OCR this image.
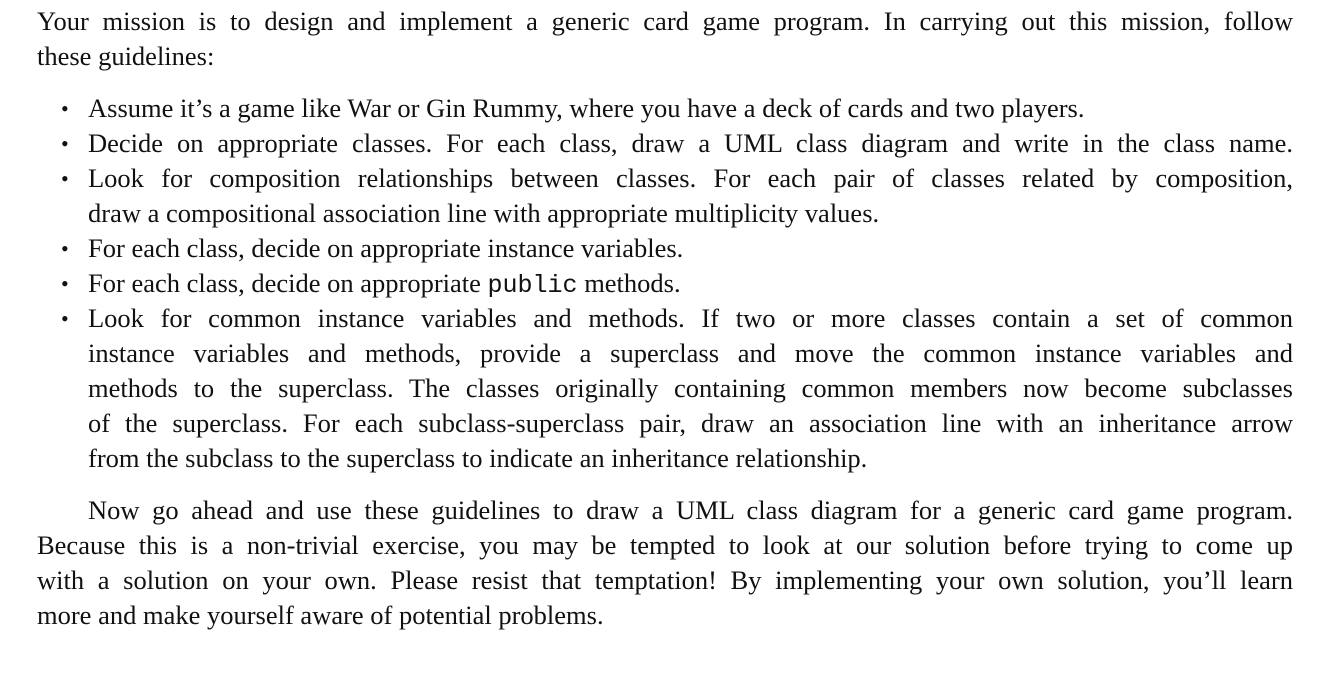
Your mission is to design and implement a generic card game program. In carrying out this mission, follow
these guidelines:
• Assume it’s a game like War or Gin Rummy, where you have a deck of cards and two players.
• Decide on appropriate classes. For each class, draw a UML class diagram and write in the class name.
• Look for composition relationships between classes. For each pair of classes related by composition,
draw a compositional association line with appropriate multiplicity values.
• For each class, decide on appropriate instance variables.
• For each class, decide on appropriate public methods.
• Look for common instance variables and methods. If two or more classes contain a set of common
instance variables and methods, provide a superclass and move the common instance variables and
methods to the superclass. The classes originally containing common members now become subclasses
of the superclass. For each subclass-superclass pair, draw an association line with an inheritance arrow
from the subclass to the superclass to indicate an inheritance relationship.
Now go ahead and use these guidelines to draw a UML class diagram for a generic card game program.
Because this is a non-trivial exercise, you may be tempted to look at our solution before trying to come up
with a solution on your own. Please resist that temptation! By implementing your own solution, you’ll learn
more and make yourself aware of potential problems.
